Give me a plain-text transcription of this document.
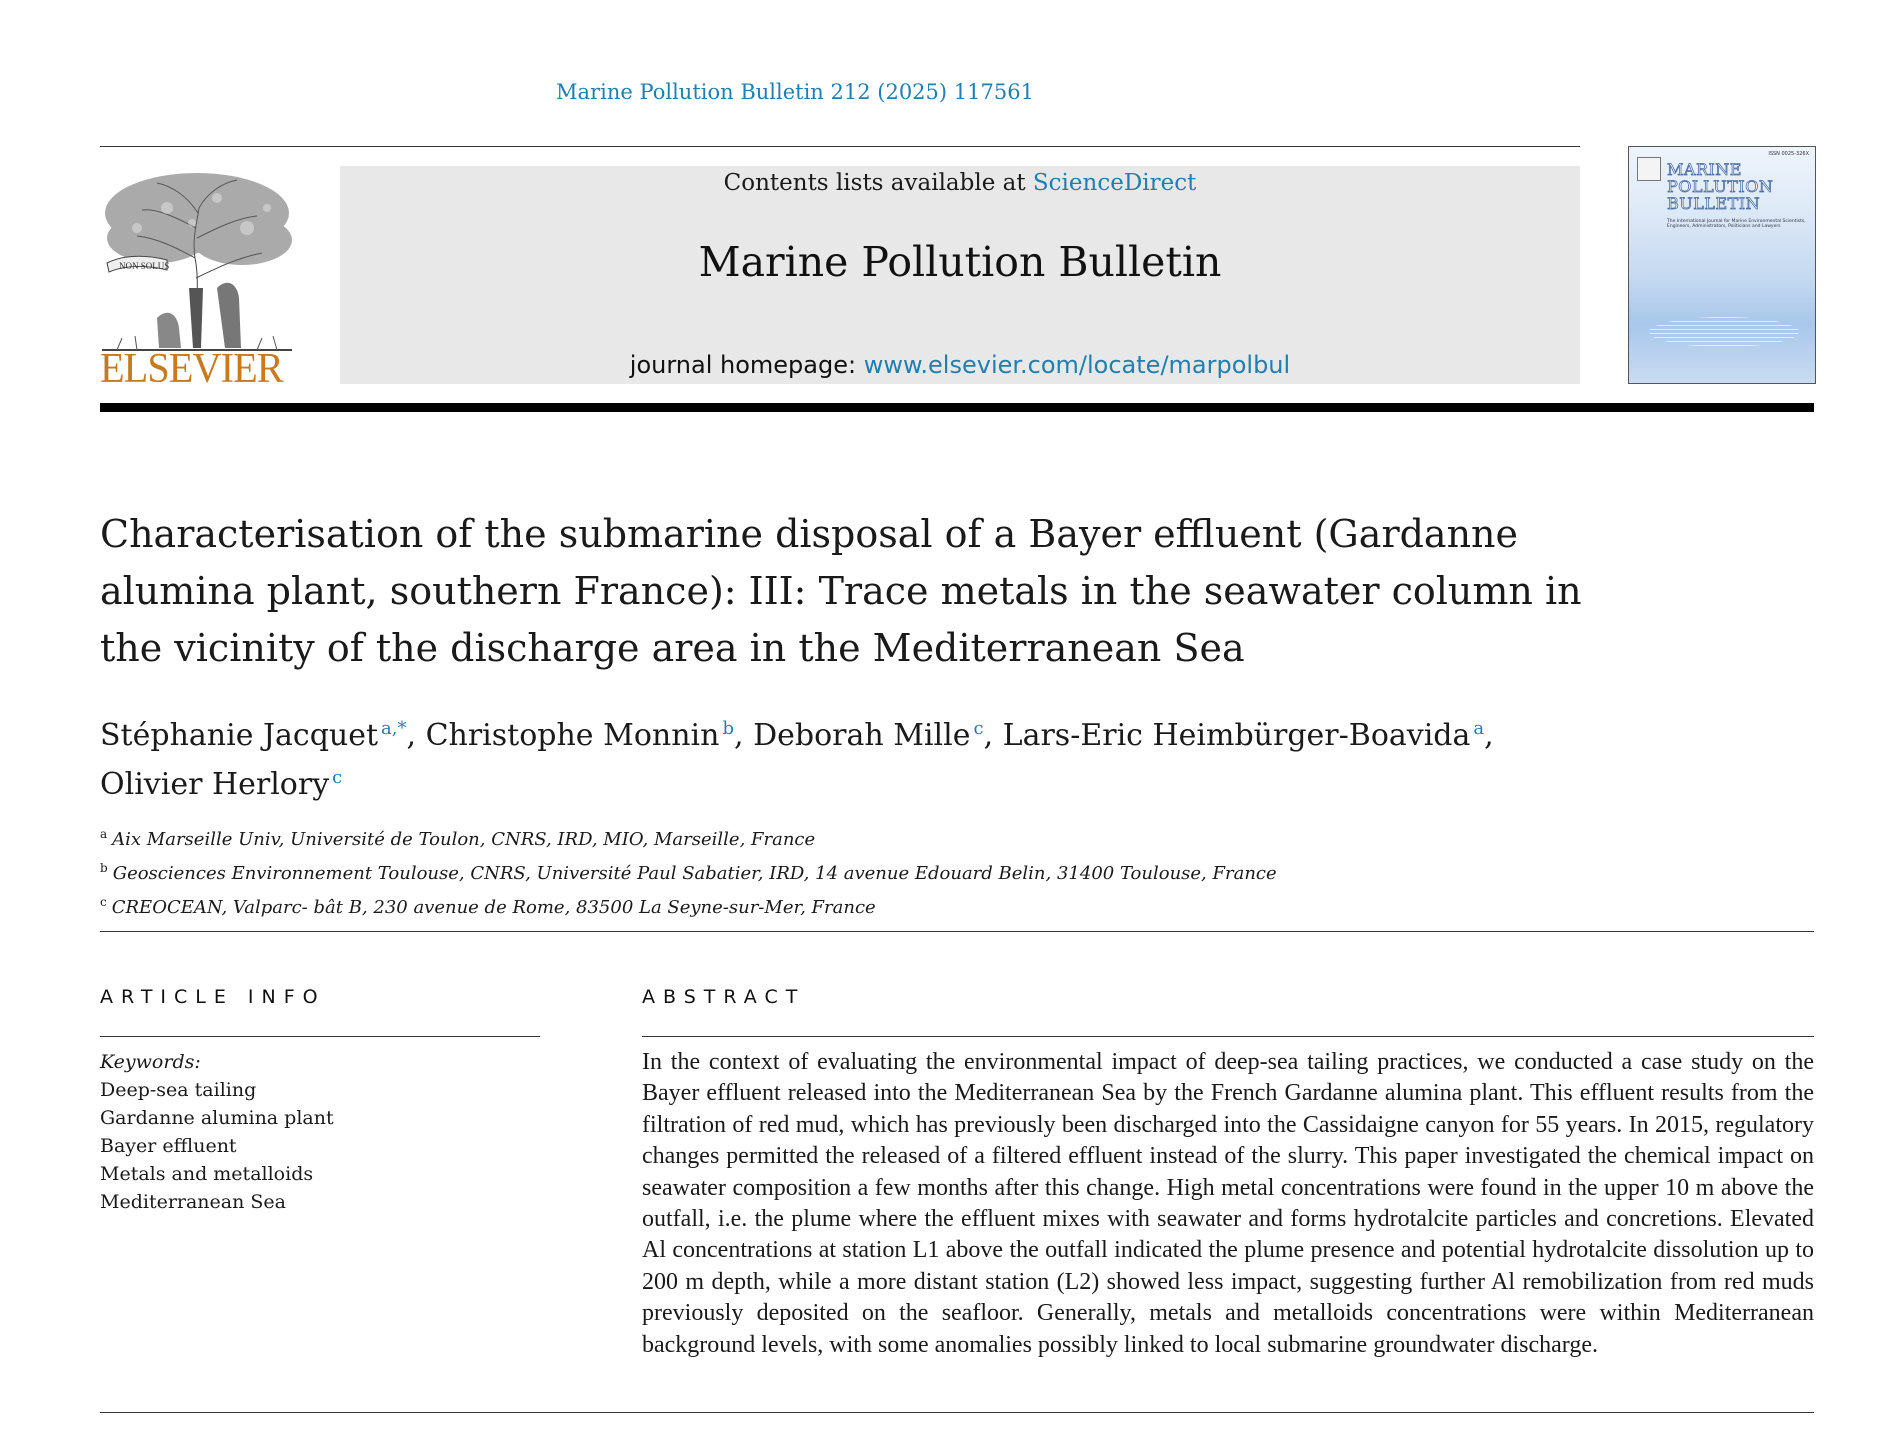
Marine Pollution Bulletin 212 (2025) 117561
NON SOLUS
ELSEVIER
Contents lists available at ScienceDirect
Marine Pollution Bulletin
journal homepage: www.elsevier.com/locate/marpolbul
ISSN 0025-326X
MARINE
POLLUTION
BULLETIN
The International Journal for Marine Environmental Scientists, Engineers, Administrators, Politicians and Lawyers
Characterisation of the submarine disposal of a Bayer effluent (Gardanne alumina plant, southern France): III: Trace metals in the seawater column in the vicinity of the discharge area in the Mediterranean Sea
Stéphanie Jacquet  $^{a,*}$, Christophe Monnin  $^b$, Deborah Mille  $^c$, Lars-Eric Heimbürger-Boavida  $^a$,
Olivier Herlory  $^c$
$^a$ Aix Marseille Univ, Université de Toulon, CNRS, IRD, MIO, Marseille, France
$^b$ Geosciences Environnement Toulouse, CNRS, Université Paul Sabatier, IRD, 14 avenue Edouard Belin, 31400 Toulouse, France
$^c$ CREOCEAN, Valparc- bât B, 230 avenue de Rome, 83500 La Seyne-sur-Mer, France
ARTICLE INFO	ABSTRACT
Keywords:
Deep-sea tailing
Gardanne alumina plant
Bayer effluent
Metals and metalloids
Mediterranean Sea

In the context of evaluating the environmental impact of deep-sea tailing practices, we conducted a case study on the Bayer effluent released into the Mediterranean Sea by the French Gardanne alumina plant. This effluent results from the filtration of red mud, which has previously been discharged into the Cassidaigne canyon for 55 years. In 2015, regulatory changes permitted the released of a filtered effluent instead of the slurry. This paper investigated the chemical impact on seawater composition a few months after this change. High metal concentrations were found in the upper 10 m above the outfall, i.e. the plume where the effluent mixes with seawater and forms hydrotalcite particles and concretions. Elevated Al concentrations at station L1 above the outfall indicated the plume presence and potential hydrotalcite dissolution up to 200 m depth, while a more distant station (L2) showed less impact, suggesting further Al remobilization from red muds previously deposited on the seafloor. Generally, metals and metalloids concentrations were within Mediterranean background levels, with some anomalies possibly linked to local submarine groundwater discharge.
